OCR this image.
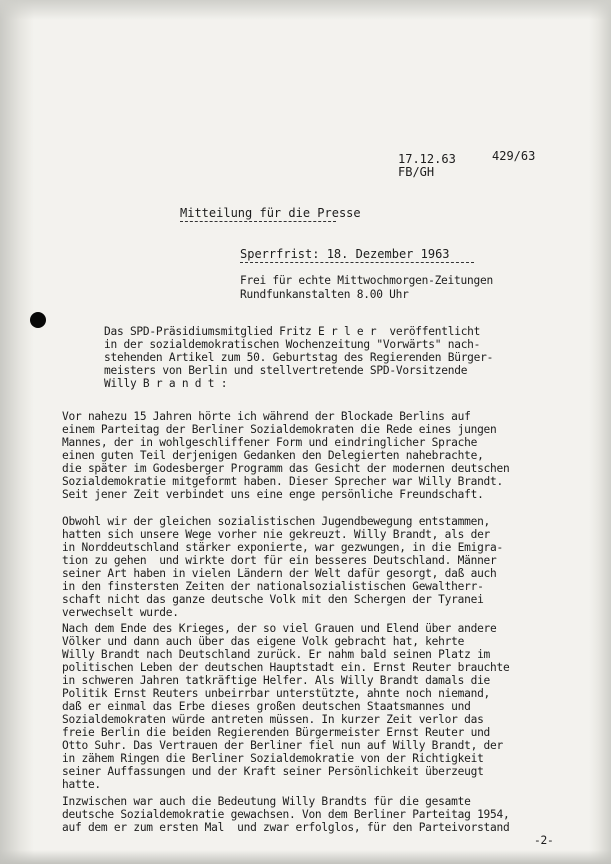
17.12.63	429/63
FB/GH
Mitteilung für die Presse
Sperrfrist: 18. Dezember 1963
Frei für echte Mittwochmorgen-Zeitungen
Rundfunkanstalten 8.00 Uhr
Das SPD-Präsidiumsmitglied Fritz E r l e r  veröffentlicht
in der sozialdemokratischen Wochenzeitung "Vorwärts" nach-
stehenden Artikel zum 50. Geburtstag des Regierenden Bürger-
meisters von Berlin und stellvertretende SPD-Vorsitzende
Willy B r a n d t :
Vor nahezu 15 Jahren hörte ich während der Blockade Berlins auf
einem Parteitag der Berliner Sozialdemokraten die Rede eines jungen
Mannes, der in wohlgeschliffener Form und eindringlicher Sprache
einen guten Teil derjenigen Gedanken den Delegierten nahebrachte,
die später im Godesberger Programm das Gesicht der modernen deutschen
Sozialdemokratie mitgeformt haben. Dieser Sprecher war Willy Brandt.
Seit jener Zeit verbindet uns eine enge persönliche Freundschaft.
Obwohl wir der gleichen sozialistischen Jugendbewegung entstammen,
hatten sich unsere Wege vorher nie gekreuzt. Willy Brandt, als der
in Norddeutschland stärker exponierte, war gezwungen, in die Emigra-
tion zu gehen  und wirkte dort für ein besseres Deutschland. Männer
seiner Art haben in vielen Ländern der Welt dafür gesorgt, daß auch
in den finstersten Zeiten der nationalsozialistischen Gewaltherr-
schaft nicht das ganze deutsche Volk mit den Schergen der Tyranei
verwechselt wurde.
Nach dem Ende des Krieges, der so viel Grauen und Elend über andere
Völker und dann auch über das eigene Volk gebracht hat, kehrte
Willy Brandt nach Deutschland zurück. Er nahm bald seinen Platz im
politischen Leben der deutschen Hauptstadt ein. Ernst Reuter brauchte
in schweren Jahren tatkräftige Helfer. Als Willy Brandt damals die
Politik Ernst Reuters unbeirrbar unterstützte, ahnte noch niemand,
daß er einmal das Erbe dieses großen deutschen Staatsmannes und
Sozialdemokraten würde antreten müssen. In kurzer Zeit verlor das
freie Berlin die beiden Regierenden Bürgermeister Ernst Reuter und
Otto Suhr. Das Vertrauen der Berliner fiel nun auf Willy Brandt, der
in zähem Ringen die Berliner Sozialdemokratie von der Richtigkeit
seiner Auffassungen und der Kraft seiner Persönlichkeit überzeugt
hatte.
Inzwischen war auch die Bedeutung Willy Brandts für die gesamte
deutsche Sozialdemokratie gewachsen. Von dem Berliner Parteitag 1954,
auf dem er zum ersten Mal  und zwar erfolglos, für den Parteivorstand
-2-
